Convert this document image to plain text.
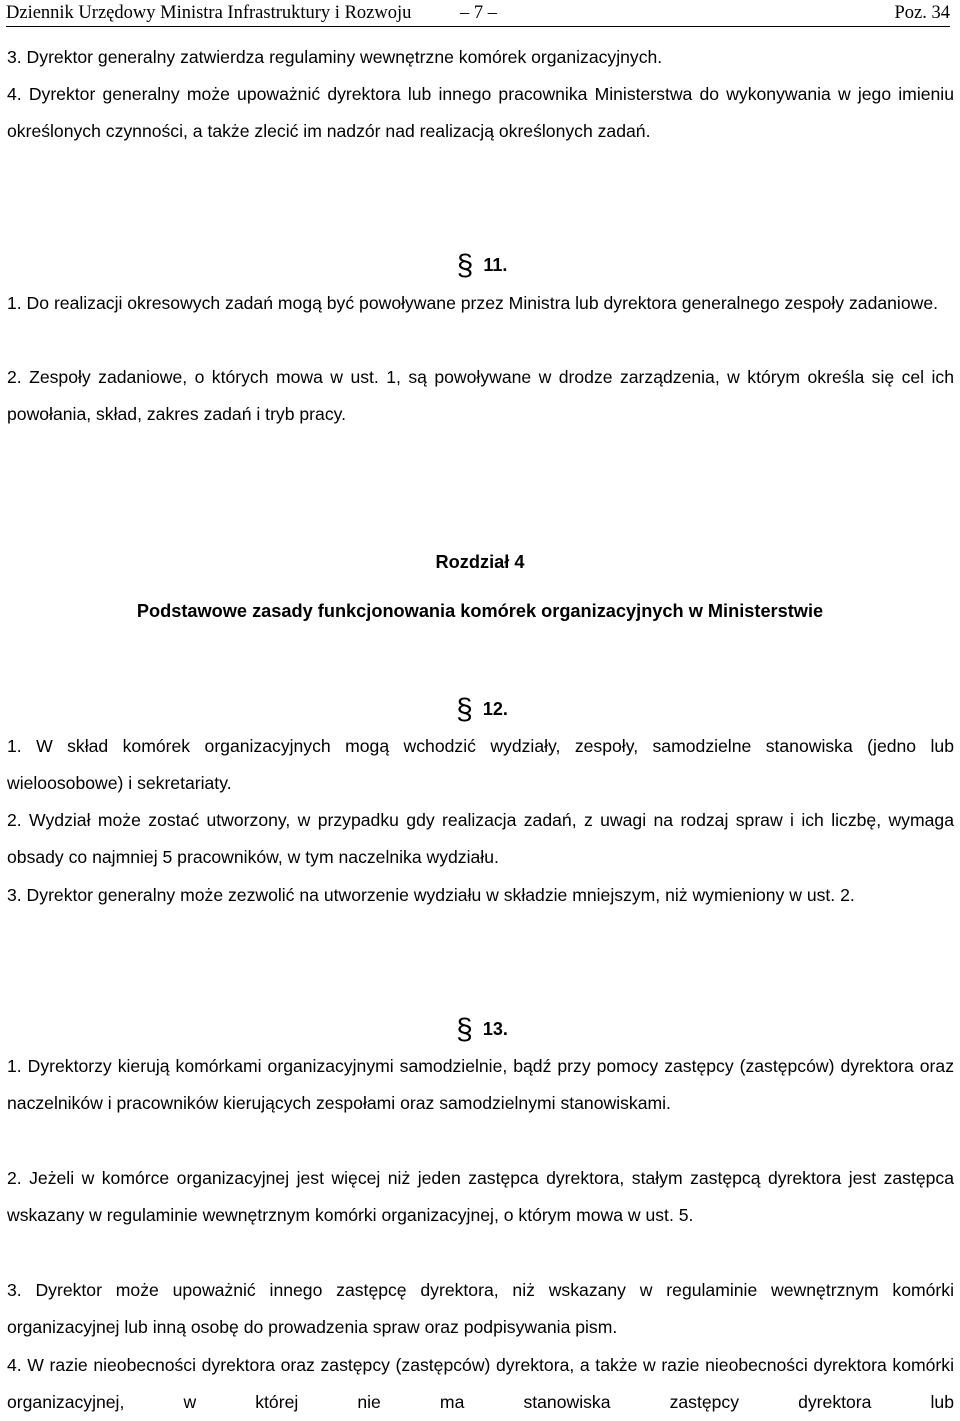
Dziennik Urzędowy Ministra Infrastruktury i Rozwoju	– 7 –	Poz. 34

3. Dyrektor generalny zatwierdza regulaminy wewnętrzne komórek organizacyjnych.

4. Dyrektor generalny może upoważnić dyrektora lub innego pracownika Ministerstwa do wykonywania w jego imieniu określonych czynności, a także zlecić im nadzór nad realizacją określonych zadań.

§ 11.

1. Do realizacji okresowych zadań mogą być powoływane przez Ministra lub dyrektora generalnego zespoły zadaniowe.

2. Zespoły zadaniowe, o których mowa w ust. 1, są powoływane w drodze zarządzenia, w którym określa się cel ich powołania, skład, zakres zadań i tryb pracy.

Rozdział 4
Podstawowe zasady funkcjonowania komórek organizacyjnych w Ministerstwie
§ 12.

1. W skład komórek organizacyjnych mogą wchodzić wydziały, zespoły, samodzielne stanowiska (jedno lub wieloosobowe) i sekretariaty.

2. Wydział może zostać utworzony, w przypadku gdy realizacja zadań, z uwagi na rodzaj spraw i ich liczbę, wymaga obsady co najmniej 5 pracowników, w tym naczelnika wydziału.

3. Dyrektor generalny może zezwolić na utworzenie wydziału w składzie mniejszym, niż wymieniony w ust. 2.

§ 13.

1. Dyrektorzy kierują komórkami organizacyjnymi samodzielnie, bądź przy pomocy zastępcy (zastępców) dyrektora oraz naczelników i pracowników kierujących zespołami oraz samodzielnymi stanowiskami.

2. Jeżeli w komórce organizacyjnej jest więcej niż jeden zastępca dyrektora, stałym zastępcą dyrektora jest zastępca wskazany w regulaminie wewnętrznym komórki organizacyjnej, o którym mowa w ust. 5.

3. Dyrektor może upoważnić innego zastępcę dyrektora, niż wskazany w regulaminie wewnętrznym komórki organizacyjnej lub inną osobę do prowadzenia spraw oraz podpisywania pism.

4. W razie nieobecności dyrektora oraz zastępcy (zastępców) dyrektora, a także w razie nieobecności dyrektora komórki organizacyjnej, w której nie ma stanowiska zastępcy dyrektora lub
